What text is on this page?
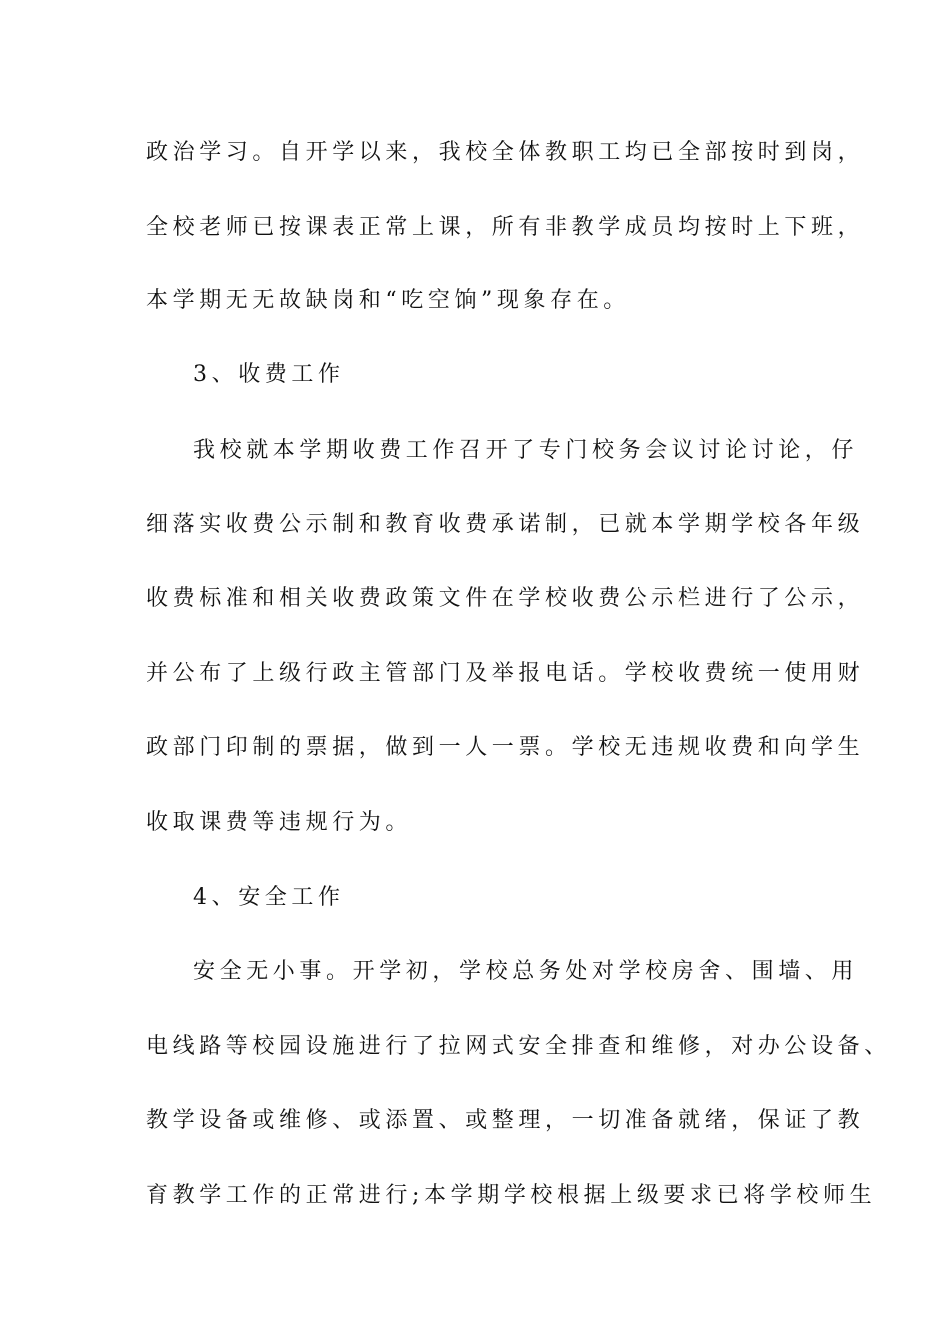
政治学习。自开学以来，我校全体教职工均已全部按时到岗，
全校老师已按课表正常上课，所有非教学成员均按时上下班，
本学期无无故缺岗和“吃空饷”现象存在。
3、收费工作
我校就本学期收费工作召开了专门校务会议讨论讨论，仔
细落实收费公示制和教育收费承诺制，已就本学期学校各年级
收费标准和相关收费政策文件在学校收费公示栏进行了公示，
并公布了上级行政主管部门及举报电话。学校收费统一使用财
政部门印制的票据，做到一人一票。学校无违规收费和向学生
收取课费等违规行为。
4、安全工作
安全无小事。开学初，学校总务处对学校房舍、围墙、用
电线路等校园设施进行了拉网式安全排查和维修，对办公设备、
教学设备或维修、或添置、或整理，一切准备就绪，保证了教
育教学工作的正常进行;本学期学校根据上级要求已将学校师生
